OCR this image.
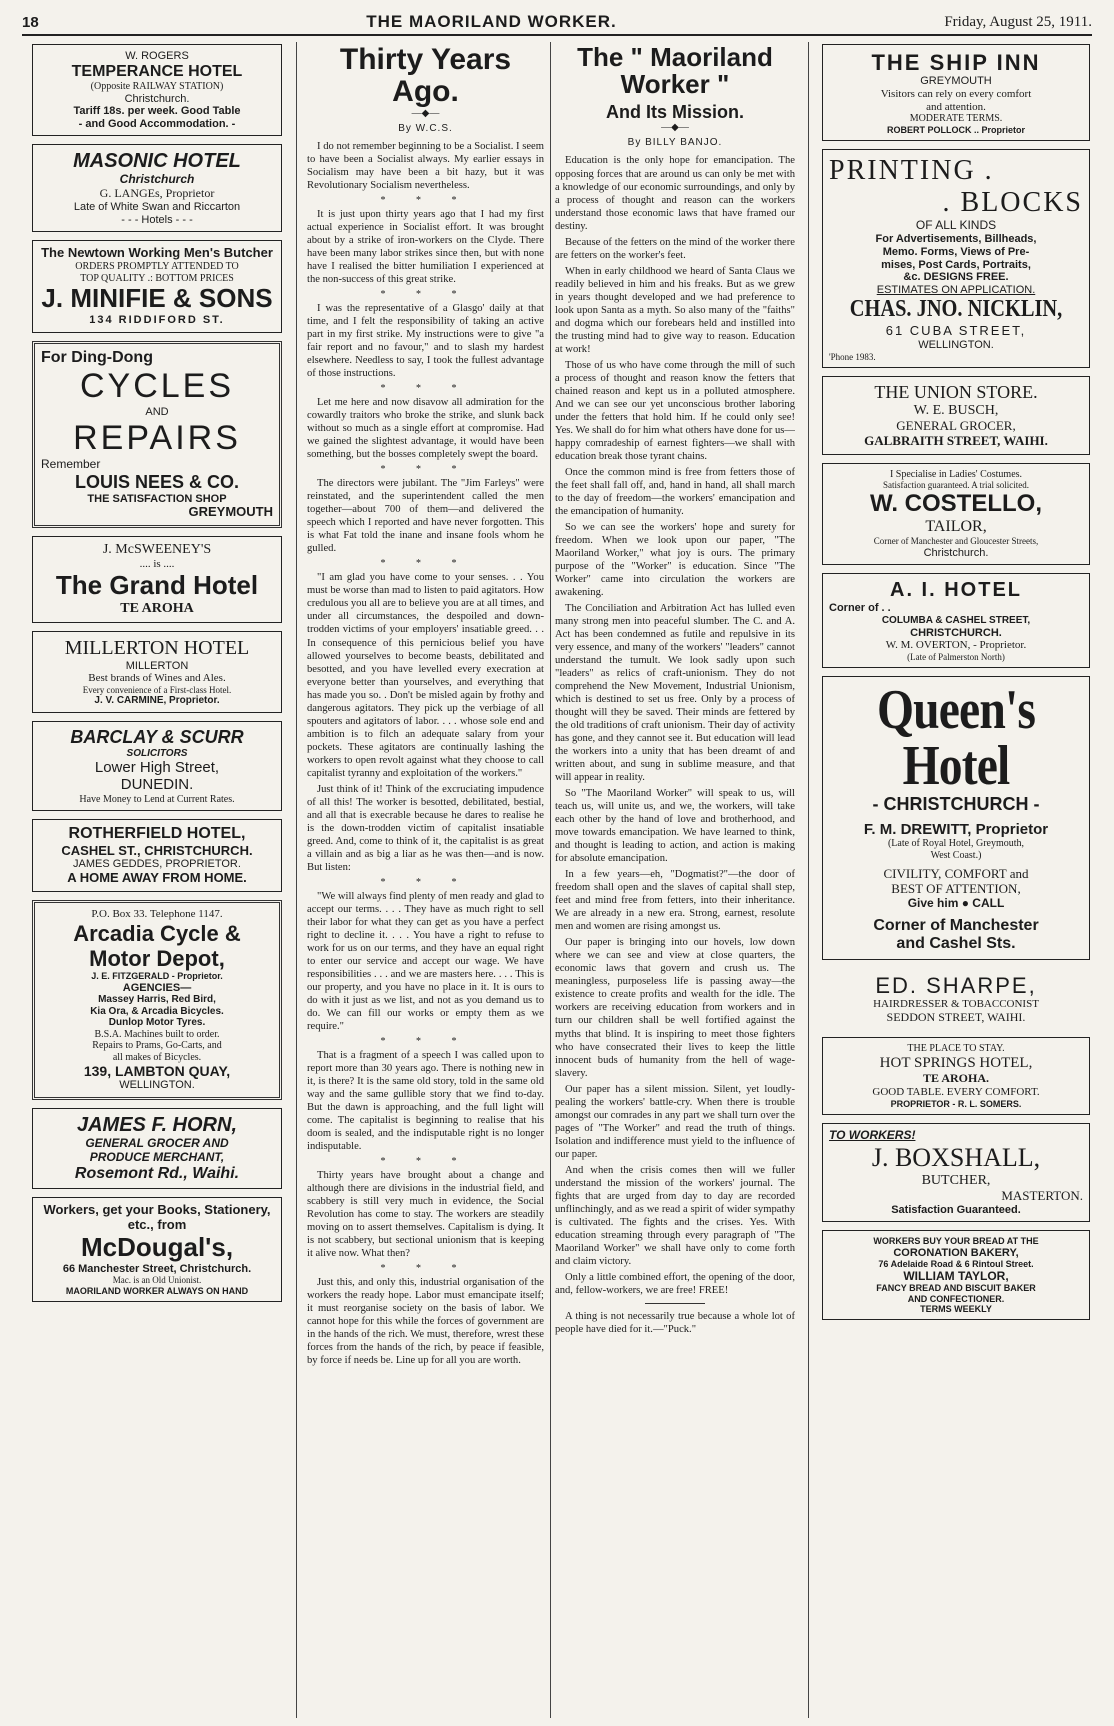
18	THE MAORILAND WORKER.	Friday, August 25, 1911.
W. ROGERS
TEMPERANCE HOTEL
(Opposite RAILWAY STATION)
Christchurch.
Tariff 18s. per week. Good Table
- and Good Accommodation. -
MASONIC HOTEL
Christchurch
G. LANGEs, Proprietor
Late of White Swan and Riccarton
- - - Hotels - - -
The Newtown Working Men's Butcher
ORDERS PROMPTLY ATTENDED TO
TOP QUALITY .: BOTTOM PRICES
J. MINIFIE & SONS
134 RIDDIFORD ST.
For Ding-Dong
CYCLES
AND
REPAIRS
Remember
LOUIS NEES & CO.
THE SATISFACTION SHOP
GREYMOUTH
J. McSWEENEY'S
.... is ....
The Grand Hotel
TE AROHA
MILLERTON HOTEL
MILLERTON
Best brands of Wines and Ales.
Every convenience of a First-class Hotel.
J. V. CARMINE, Proprietor.
BARCLAY & SCURR
SOLICITORS
Lower High Street,
DUNEDIN.
Have Money to Lend at Current Rates.
ROTHERFIELD HOTEL,
CASHEL ST., CHRISTCHURCH.
JAMES GEDDES, PROPRIETOR.
A HOME AWAY FROM HOME.
P.O. Box 33. Telephone 1147.
Arcadia Cycle &
Motor Depot,
J. E. FITZGERALD - Proprietor.
AGENCIES—
Massey Harris, Red Bird,
Kia Ora, & Arcadia Bicycles.
Dunlop Motor Tyres.
B.S.A. Machines built to order.
Repairs to Prams, Go-Carts, and
all makes of Bicycles.
139, LAMBTON QUAY,
WELLINGTON.
JAMES F. HORN,
GENERAL GROCER AND
PRODUCE MERCHANT,
Rosemont Rd., Waihi.
Workers, get your Books, Stationery,
etc., from
McDougal's,
66 Manchester Street, Christchurch.
Mac. is an Old Unionist.
MAORILAND WORKER ALWAYS ON HAND
Thirty Years Ago.
—◆—
By W.C.S.

I do not remember beginning to be a Socialist. I seem to have been a Socialist always. My earlier essays in Socialism may have been a bit hazy, but it was Revolutionary Socialism nevertheless.

* * *

It is just upon thirty years ago that I had my first actual experience in Socialist effort. It was brought about by a strike of iron-workers on the Clyde. There have been many labor strikes since then, but with none have I realised the bitter humiliation I experienced at the non-success of this great strike.

* * *

I was the representative of a Glasgo' daily at that time, and I felt the responsibility of taking an active part in my first strike. My instructions were to give "a fair report and no favour," and to slash my hardest elsewhere. Needless to say, I took the fullest advantage of those instructions.

* * *

Let me here and now disavow all admiration for the cowardly traitors who broke the strike, and slunk back without so much as a single effort at compromise. Had we gained the slightest advantage, it would have been something, but the bosses completely swept the board.

* * *

The directors were jubilant. The "Jim Farleys" were reinstated, and the superintendent called the men together—about 700 of them—and delivered the speech which I reported and have never forgotten. This is what Fat told the inane and insane fools whom he gulled.

* * *

"I am glad you have come to your senses. . . You must be worse than mad to listen to paid agitators. How credulous you all are to believe you are at all times, and under all circumstances, the despoiled and down-trodden victims of your employers' insatiable greed. . . In consequence of this pernicious belief you have allowed yourselves to become beasts, debilitated and besotted, and you have levelled every execration at everyone better than yourselves, and everything that has made you so. . Don't be misled again by frothy and dangerous agitators. They pick up the verbiage of all spouters and agitators of labor. . . . whose sole end and ambition is to filch an adequate salary from your pockets. These agitators are continually lashing the workers to open revolt against what they choose to call capitalist tyranny and exploitation of the workers."

Just think of it! Think of the excruciating impudence of all this! The worker is besotted, debilitated, bestial, and all that is execrable because he dares to realise he is the down-trodden victim of capitalist insatiable greed. And, come to think of it, the capitalist is as great a villain and as big a liar as he was then—and is now. But listen:

* * *

"We will always find plenty of men ready and glad to accept our terms. . . . They have as much right to sell their labor for what they can get as you have a perfect right to decline it. . . . You have a right to refuse to work for us on our terms, and they have an equal right to enter our service and accept our wage. We have responsibilities . . . and we are masters here. . . . This is our property, and you have no place in it. It is ours to do with it just as we list, and not as you demand us to do. We can fill our works or empty them as we require."

* * *

That is a fragment of a speech I was called upon to report more than 30 years ago. There is nothing new in it, is there? It is the same old story, told in the same old way and the same gullible story that we find to-day. But the dawn is approaching, and the full light will come. The capitalist is beginning to realise that his doom is sealed, and the indisputable right is no longer indisputable.

* * *

Thirty years have brought about a change and although there are divisions in the industrial field, and scabbery is still very much in evidence, the Social Revolution has come to stay. The workers are steadily moving on to assert themselves. Capitalism is dying. It is not scabbery, but sectional unionism that is keeping it alive now. What then?

* * *

Just this, and only this, industrial organisation of the workers the ready hope. Labor must emancipate itself; it must reorganise society on the basis of labor. We cannot hope for this while the forces of government are in the hands of the rich. We must, therefore, wrest these forces from the hands of the rich, by peace if feasible, by force if needs be. Line up for all you are worth.

The " Maoriland
Worker "
And Its Mission.
—◆—
By BILLY BANJO.

Education is the only hope for emancipation. The opposing forces that are around us can only be met with a knowledge of our economic surroundings, and only by a process of thought and reason can the workers understand those economic laws that have framed our destiny.

Because of the fetters on the mind of the worker there are fetters on the worker's feet.

When in early childhood we heard of Santa Claus we readily believed in him and his freaks. But as we grew in years thought developed and we had preference to look upon Santa as a myth. So also many of the "faiths" and dogma which our forebears held and instilled into the trusting mind had to give way to reason. Education at work!

Those of us who have come through the mill of such a process of thought and reason know the fetters that chained reason and kept us in a polluted atmosphere. And we can see our yet unconscious brother laboring under the fetters that hold him. If he could only see! Yes. We shall do for him what others have done for us—happy comradeship of earnest fighters—we shall with education break those tyrant chains.

Once the common mind is free from fetters those of the feet shall fall off, and, hand in hand, all shall march to the day of freedom—the workers' emancipation and the emancipation of humanity.

So we can see the workers' hope and surety for freedom. When we look upon our paper, "The Maoriland Worker," what joy is ours. The primary purpose of the "Worker" is education. Since "The Worker" came into circulation the workers are awakening.

The Conciliation and Arbitration Act has lulled even many strong men into peaceful slumber. The C. and A. Act has been condemned as futile and repulsive in its very essence, and many of the workers' "leaders" cannot understand the tumult. We look sadly upon such "leaders" as relics of craft-unionism. They do not comprehend the New Movement, Industrial Unionism, which is destined to set us free. Only by a process of thought will they be saved. Their minds are fettered by the old traditions of craft unionism. Their day of activity has gone, and they cannot see it. But education will lead the workers into a unity that has been dreamt of and written about, and sung in sublime measure, and that will appear in reality.

So "The Maoriland Worker" will speak to us, will teach us, will unite us, and we, the workers, will take each other by the hand of love and brotherhood, and move towards emancipation. We have learned to think, and thought is leading to action, and action is making for absolute emancipation.

In a few years—eh, "Dogmatist?"—the door of freedom shall open and the slaves of capital shall step, feet and mind free from fetters, into their inheritance. We are already in a new era. Strong, earnest, resolute men and women are rising amongst us.

Our paper is bringing into our hovels, low down where we can see and view at close quarters, the economic laws that govern and crush us. The meaningless, purposeless life is passing away—the existence to create profits and wealth for the idle. The workers are receiving education from workers and in turn our children shall be well fortified against the myths that blind. It is inspiring to meet those fighters who have consecrated their lives to keep the little innocent buds of humanity from the hell of wage-slavery.

Our paper has a silent mission. Silent, yet loudly-pealing the workers' battle-cry. When there is trouble amongst our comrades in any part we shall turn over the pages of "The Worker" and read the truth of things. Isolation and indifference must yield to the influence of our paper.

And when the crisis comes then will we fuller understand the mission of the workers' journal. The fights that are urged from day to day are recorded unflinchingly, and as we read a spirit of wider sympathy is cultivated. The fights and the crises. Yes. With education streaming through every paragraph of "The Maoriland Worker" we shall have only to come forth and claim victory.

Only a little combined effort, the opening of the door, and, fellow-workers, we are free! FREE!

A thing is not necessarily true because a whole lot of people have died for it.—"Puck."

THE SHIP INN
GREYMOUTH
Visitors can rely on every comfort
and attention.
MODERATE TERMS.
ROBERT POLLOCK .. Proprietor
PRINTING .
. BLOCKS
OF ALL KINDS
For Advertisements, Billheads,
Memo. Forms, Views of Pre-
mises, Post Cards, Portraits,
&c. DESIGNS FREE.
ESTIMATES ON APPLICATION.
CHAS. JNO. NICKLIN,
61 CUBA STREET,
WELLINGTON.
'Phone 1983.
THE UNION STORE.
W. E. BUSCH,
GENERAL GROCER,
GALBRAITH STREET, WAIHI.
I Specialise in Ladies' Costumes.
Satisfaction guaranteed. A trial solicited.
W. COSTELLO,
TAILOR,
Corner of Manchester and Gloucester Streets,
Christchurch.
A. I. HOTEL
Corner of . .
COLUMBA & CASHEL STREET,
CHRISTCHURCH.
W. M. OVERTON, - Proprietor.
(Late of Palmerston North)
Queen's Hotel
- CHRISTCHURCH -
F. M. DREWITT, Proprietor
(Late of Royal Hotel, Greymouth,
West Coast.)
CIVILITY, COMFORT and
BEST OF ATTENTION,
Give him ● CALL
Corner of Manchester
and Cashel Sts.
ED. SHARPE,
HAIRDRESSER & TOBACCONIST
SEDDON STREET, WAIHI.
THE PLACE TO STAY.
HOT SPRINGS HOTEL,
TE AROHA.
GOOD TABLE. EVERY COMFORT.
PROPRIETOR - R. L. SOMERS.
TO WORKERS!
J. BOXSHALL,
BUTCHER,
MASTERTON.
Satisfaction Guaranteed.
WORKERS BUY YOUR BREAD AT THE
CORONATION BAKERY,
76 Adelaide Road & 6 Rintoul Street.
WILLIAM TAYLOR,
FANCY BREAD AND BISCUIT BAKER
AND CONFECTIONER.
TERMS WEEKLY
